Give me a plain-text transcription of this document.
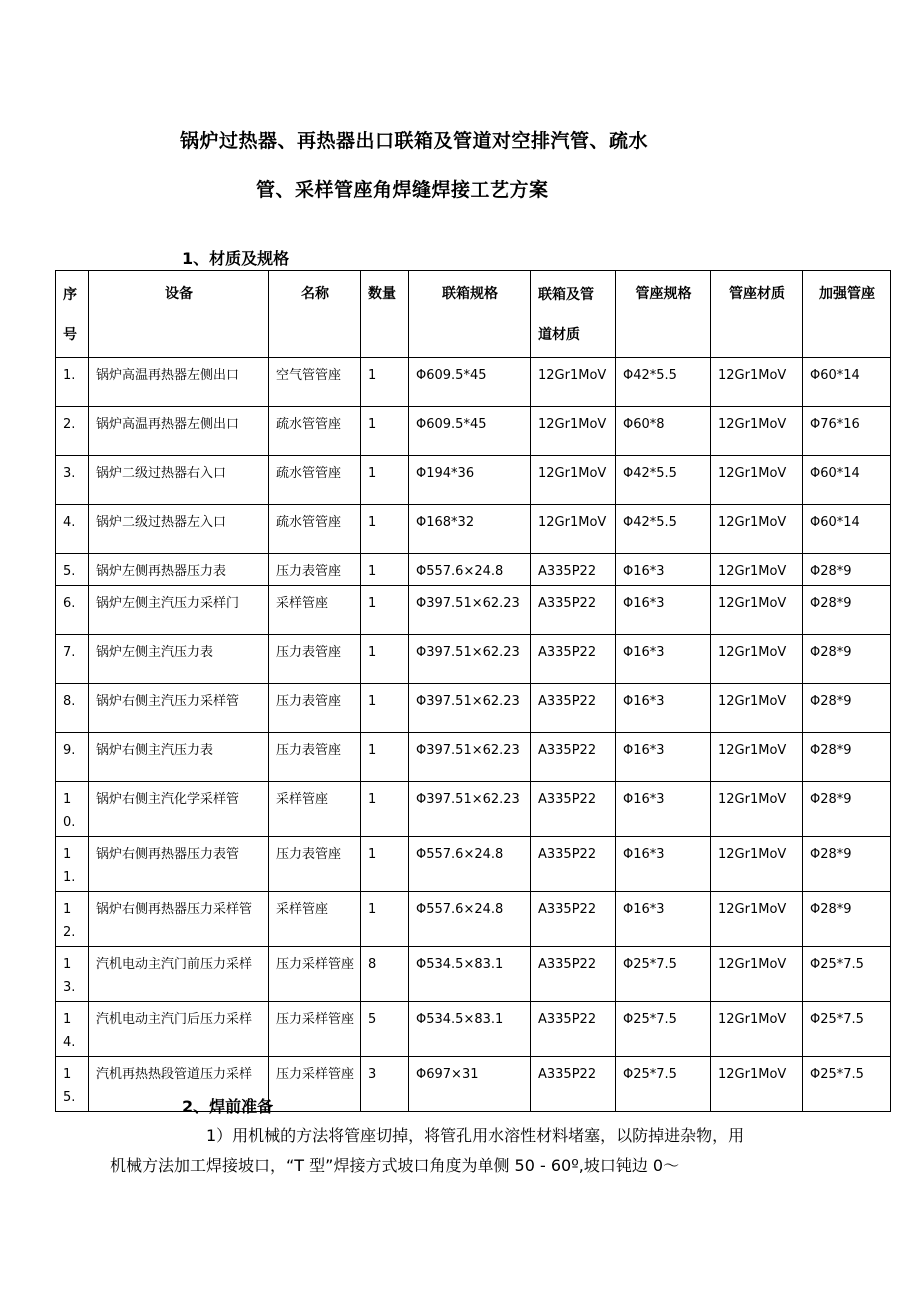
锅炉过热器、再热器出口联箱及管道对空排汽管、疏水
管、采样管座角焊缝焊接工艺方案
1、材质及规格
序
号	设备	名称	数量	联箱规格	联箱及管
道材质	管座规格	管座材质	加强管座
1.	锅炉高温再热器左侧出口	空气管管座	1	Φ609.5*45	12Gr1MoV	Φ42*5.5	12Gr1MoV	Φ60*14
2.	锅炉高温再热器左侧出口	疏水管管座	1	Φ609.5*45	12Gr1MoV	Φ60*8	12Gr1MoV	Φ76*16
3.	锅炉二级过热器右入口	疏水管管座	1	Φ194*36	12Gr1MoV	Φ42*5.5	12Gr1MoV	Φ60*14
4.	锅炉二级过热器左入口	疏水管管座	1	Φ168*32	12Gr1MoV	Φ42*5.5	12Gr1MoV	Φ60*14
5.	锅炉左侧再热器压力表	压力表管座	1	Φ557.6×24.8	A335P22	Φ16*3	12Gr1MoV	Φ28*9
6.	锅炉左侧主汽压力采样门	采样管座	1	Φ397.51×62.23	A335P22	Φ16*3	12Gr1MoV	Φ28*9
7.	锅炉左侧主汽压力表	压力表管座	1	Φ397.51×62.23	A335P22	Φ16*3	12Gr1MoV	Φ28*9
8.	锅炉右侧主汽压力采样管	压力表管座	1	Φ397.51×62.23	A335P22	Φ16*3	12Gr1MoV	Φ28*9
9.	锅炉右侧主汽压力表	压力表管座	1	Φ397.51×62.23	A335P22	Φ16*3	12Gr1MoV	Φ28*9
10.	锅炉右侧主汽化学采样管	采样管座	1	Φ397.51×62.23	A335P22	Φ16*3	12Gr1MoV	Φ28*9
11.	锅炉右侧再热器压力表管	压力表管座	1	Φ557.6×24.8	A335P22	Φ16*3	12Gr1MoV	Φ28*9
12.	锅炉右侧再热器压力采样管	采样管座	1	Φ557.6×24.8	A335P22	Φ16*3	12Gr1MoV	Φ28*9
13.	汽机电动主汽门前压力采样	压力采样管座	8	Φ534.5×83.1	A335P22	Φ25*7.5	12Gr1MoV	Φ25*7.5
14.	汽机电动主汽门后压力采样	压力采样管座	5	Φ534.5×83.1	A335P22	Φ25*7.5	12Gr1MoV	Φ25*7.5
15.	汽机再热热段管道压力采样	压力采样管座	3	Φ697×31	A335P22	Φ25*7.5	12Gr1MoV	Φ25*7.5
2、焊前准备
1）用机械的方法将管座切掉，将管孔用水溶性材料堵塞，以防掉进杂物，用
机械方法加工焊接坡口，“T 型”焊接方式坡口角度为单侧 50 - 60º,坡口钝边 0～
